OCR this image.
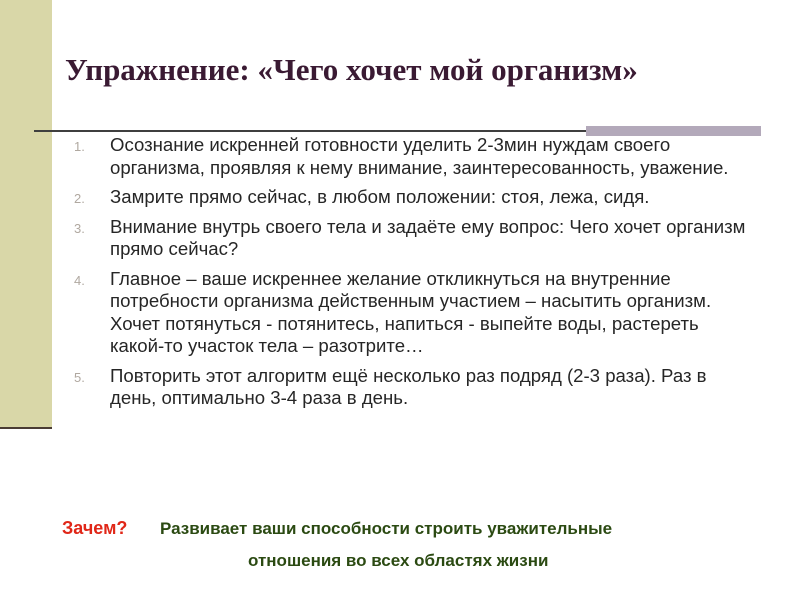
Упражнение: «Чего хочет мой организм»
1. Осознание искренней готовности уделить 2-3мин нуждам своего организма, проявляя к нему внимание, заинтересованность, уважение.
2. Замрите прямо сейчас, в любом положении: стоя, лежа, сидя.
3. Внимание внутрь своего тела и задаёте ему вопрос: Чего хочет организм прямо сейчас?
4. Главное – ваше искреннее желание откликнуться на внутренние потребности организма действенным участием – насытить организм. Хочет потянуться - потянитесь, напиться - выпейте воды, растереть какой-то участок тела – разотрите…
5. Повторить этот алгоритм ещё несколько раз подряд (2-3 раза). Раз в день, оптимально 3-4 раза в день.
Зачем? Развивает ваши способности строить уважительные
отношения во всех областях жизни
